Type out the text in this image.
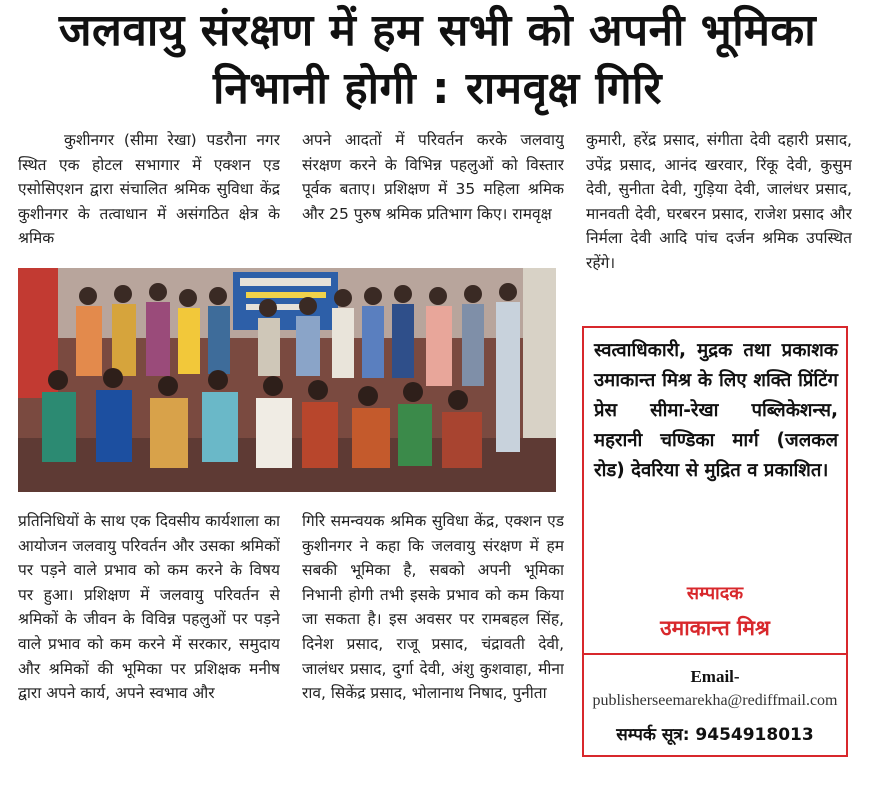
जलवायु संरक्षण में हम सभी को अपनी भूमिका निभानी होगी : रामवृक्ष गिरि

कुशीनगर (सीमा रेखा) पडरौना नगर स्थित एक होटल सभागार में एक्शन एड एसोसिएशन द्वारा संचालित श्रमिक सुविधा केंद्र कुशीनगर के तत्वाधान में असंगठित क्षेत्र के श्रमिक

अपने आदतों में परिवर्तन करके जलवायु संरक्षण करने के विभिन्न पहलुओं को विस्तार पूर्वक बताए। प्रशिक्षण में 35 महिला श्रमिक और 25 पुरुष श्रमिक प्रतिभाग किए। रामवृक्ष

कुमारी, हरेंद्र प्रसाद, संगीता देवी दहारी प्रसाद, उपेंद्र प्रसाद, आनंद खरवार, रिंकू देवी, कुसुम देवी, सुनीता देवी, गुड़िया देवी, जालंधर प्रसाद, मानवती देवी, घरबरन प्रसाद, राजेश प्रसाद और निर्मला देवी आदि पांच दर्जन श्रमिक उपस्थित रहेंगे।

प्रतिनिधियों के साथ एक दिवसीय कार्यशाला का आयोजन जलवायु परिवर्तन और उसका श्रमिकों पर पड़ने वाले प्रभाव को कम करने के विषय पर हुआ। प्रशिक्षण में जलवायु परिवर्तन से श्रमिकों के जीवन के विविन्न पहलुओं पर पड़ने वाले प्रभाव को कम करने में सरकार, समुदाय और श्रमिकों की भूमिका पर प्रशिक्षक मनीष द्वारा अपने कार्य, अपने स्वभाव और

गिरि समन्वयक श्रमिक सुविधा केंद्र, एक्शन एड कुशीनगर ने कहा कि जलवायु संरक्षण में हम सबकी भूमिका है, सबको अपनी भूमिका निभानी होगी तभी इसके प्रभाव को कम किया जा सकता है। इस अवसर पर रामबहल सिंह, दिनेश प्रसाद, राजू प्रसाद, चंद्रावती देवी, जालंधर प्रसाद, दुर्गा देवी, अंशु कुशवाहा, मीना राव, सिकेंद्र प्रसाद, भोलानाथ निषाद, पुनीता

स्वत्वाधिकारी, मुद्रक तथा प्रकाशक उमाकान्त मिश्र के लिए शक्ति प्रिंटिंग प्रेस सीमा-रेखा पब्लिकेशन्स, महरानी चण्डिका मार्ग (जलकल रोड) देवरिया से मुद्रित व प्रकाशित।
सम्पादक
उमाकान्त मिश्र
Email-
publisherseemarekha@rediffmail.com
सम्पर्क सूत्र: 9454918013
